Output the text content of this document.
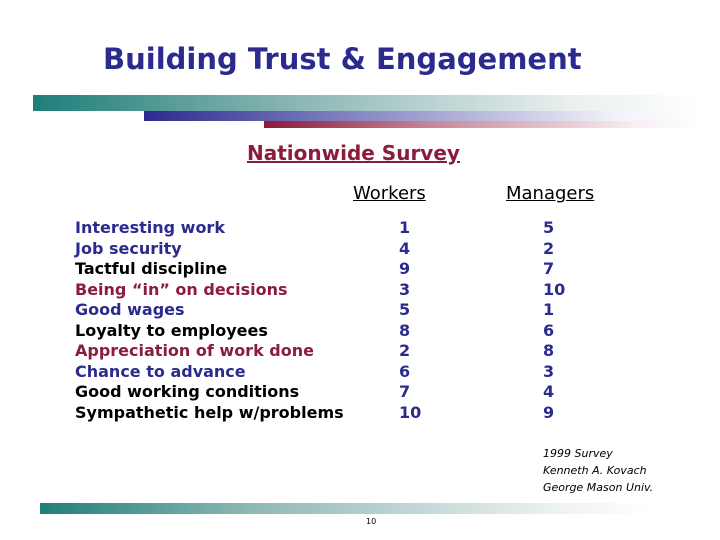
Building Trust & Engagement
Nationwide Survey
Workers	Managers
Interesting work
Job security
Tactful discipline
Being “in” on decisions
Good wages
Loyalty to employees
Appreciation of work done
Chance to advance
Good working conditions
Sympathetic help w/problems
1
4
9
3
5
8
2
6
7
10
5
2
7
10
1
6
8
3
4
9
1999 Survey
Kenneth A. Kovach
George Mason Univ.
10
